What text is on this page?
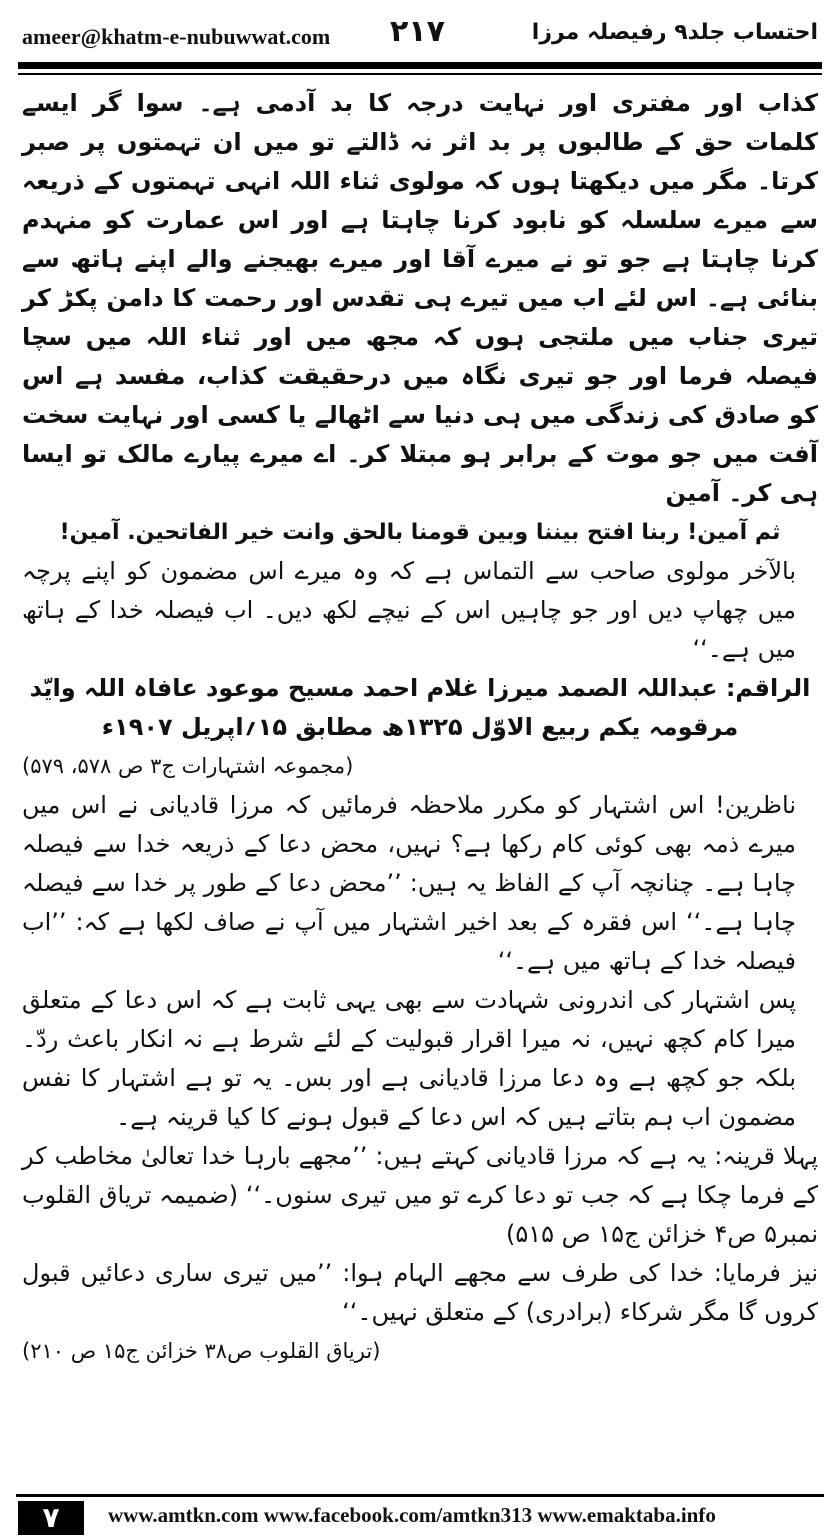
ameer@khatm-e-nubuwwat.com ۲۱۷	احتساب جلد۹ رفیصلہ مرزا

کذاب اور مفتری اور نہایت درجہ کا بد آدمی ہے۔ سوا گر ایسے کلمات حق کے طالبوں پر بد اثر نہ ڈالتے تو میں ان تہمتوں پر صبر کرتا۔ مگر میں دیکھتا ہوں کہ مولوی ثناء اللہ انہی تہمتوں کے ذریعہ سے میرے سلسلہ کو نابود کرنا چاہتا ہے اور اس عمارت کو منہدم کرنا چاہتا ہے جو تو نے میرے آقا اور میرے بھیجنے والے اپنے ہاتھ سے بنائی ہے۔ اس لئے اب میں تیرے ہی تقدس اور رحمت کا دامن پکڑ کر تیری جناب میں ملتجی ہوں کہ مجھ میں اور ثناء اللہ میں سچا فیصلہ فرما اور جو تیری نگاہ میں درحقیقت کذاب، مفسد ہے اس کو صادق کی زندگی میں ہی دنیا سے اٹھالے یا کسی اور نہایت سخت آفت میں جو موت کے برابر ہو مبتلا کر۔ اے میرے پیارے مالک تو ایسا ہی کر۔ آمین

ثم آمین! ربنا افتح بیننا وبین قومنا بالحق وانت خیر الفاتحین. آمین!

بالآخر مولوی صاحب سے التماس ہے کہ وہ میرے اس مضمون کو اپنے پرچہ میں چھاپ دیں اور جو چاہیں اس کے نیچے لکھ دیں۔ اب فیصلہ خدا کے ہاتھ میں ہے۔‘‘

الراقم: عبداللہ الصمد میرزا غلام احمد مسیح موعود عافاہ اللہ وایّد

مرقومہ یکم ربیع الاوّل ۱۳۲۵ھ مطابق ۱۵؍اپریل ۱۹۰۷ء

(مجموعہ اشتہارات ج۳ ص ۵۷۸، ۵۷۹)

ناظرین! اس اشتہار کو مکرر ملاحظہ فرمائیں کہ مرزا قادیانی نے اس میں میرے ذمہ بھی کوئی کام رکھا ہے؟ نہیں، محض دعا کے ذریعہ خدا سے فیصلہ چاہا ہے۔ چنانچہ آپ کے الفاظ یہ ہیں: ’’محض دعا کے طور پر خدا سے فیصلہ چاہا ہے۔‘‘ اس فقرہ کے بعد اخیر اشتہار میں آپ نے صاف لکھا ہے کہ: ’’اب فیصلہ خدا کے ہاتھ میں ہے۔‘‘

پس اشتہار کی اندرونی شہادت سے بھی یہی ثابت ہے کہ اس دعا کے متعلق میرا کام کچھ نہیں، نہ میرا اقرار قبولیت کے لئے شرط ہے نہ انکار باعث ردّ۔ بلکہ جو کچھ ہے وہ دعا مرزا قادیانی ہے اور بس۔ یہ تو ہے اشتہار کا نفس مضمون اب ہم بتاتے ہیں کہ اس دعا کے قبول ہونے کا کیا قرینہ ہے۔

پہلا قرینہ: یہ ہے کہ مرزا قادیانی کہتے ہیں: ’’مجھے بارہا خدا تعالیٰ مخاطب کر کے فرما چکا ہے کہ جب تو دعا کرے تو میں تیری سنوں۔‘‘ (ضمیمہ تریاق القلوب نمبر۵ ص۴ خزائن ج۱۵ ص ۵۱۵)

نیز فرمایا: خدا کی طرف سے مجھے الہام ہوا: ’’میں تیری ساری دعائیں قبول کروں گا مگر شرکاء (برادری) کے متعلق نہیں۔‘‘

(تریاق القلوب ص۳۸ خزائن ج۱۵ ص ۲۱۰)

۷	www.amtkn.com www.facebook.com/amtkn313 www.emaktaba.info
